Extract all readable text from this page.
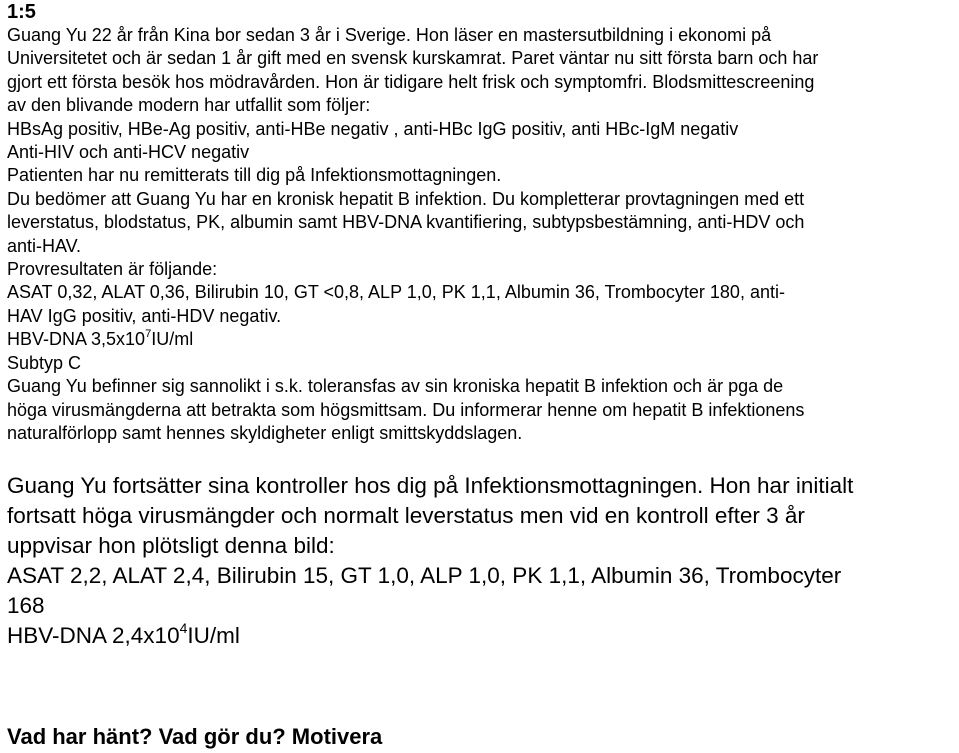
1:5
Guang Yu 22 år från Kina bor sedan 3 år i Sverige. Hon läser en mastersutbildning i ekonomi på
Universitetet och är sedan 1 år gift med en svensk kurskamrat. Paret väntar nu sitt första barn och har
gjort ett första besök hos mödravården. Hon är tidigare helt frisk och symptomfri. Blodsmittescreening
av den blivande modern har utfallit som följer:
HBsAg positiv, HBe-Ag positiv, anti-HBe negativ , anti-HBc IgG positiv, anti HBc-IgM negativ
Anti-HIV och anti-HCV negativ
Patienten har nu remitterats till dig på Infektionsmottagningen.
Du bedömer att Guang Yu har en kronisk hepatit B infektion. Du kompletterar provtagningen med ett
leverstatus, blodstatus, PK, albumin samt HBV-DNA kvantifiering, subtypsbestämning, anti-HDV och
anti-HAV.
Provresultaten är följande:
ASAT 0,32, ALAT 0,36, Bilirubin 10, GT <0,8, ALP 1,0, PK 1,1, Albumin 36, Trombocyter 180, anti-
HAV IgG positiv, anti-HDV negativ.
HBV-DNA $3,5x10^7IU/ml$
Subtyp C
Guang Yu befinner sig sannolikt i s.k. toleransfas av sin kroniska hepatit B infektion och är pga de
höga virusmängderna att betrakta som högsmittsam. Du informerar henne om hepatit B infektionens
naturalförlopp samt hennes skyldigheter enligt smittskyddslagen.
Guang Yu fortsätter sina kontroller hos dig på Infektionsmottagningen. Hon har initialt
fortsatt höga virusmängder och normalt leverstatus men vid en kontroll efter 3 år
uppvisar hon plötsligt denna bild:
ASAT 2,2, ALAT 2,4, Bilirubin 15, GT 1,0, ALP 1,0, PK 1,1, Albumin 36, Trombocyter
168
HBV-DNA $2,4x10^4IU/ml$
Vad har hänt? Vad gör du? Motivera
